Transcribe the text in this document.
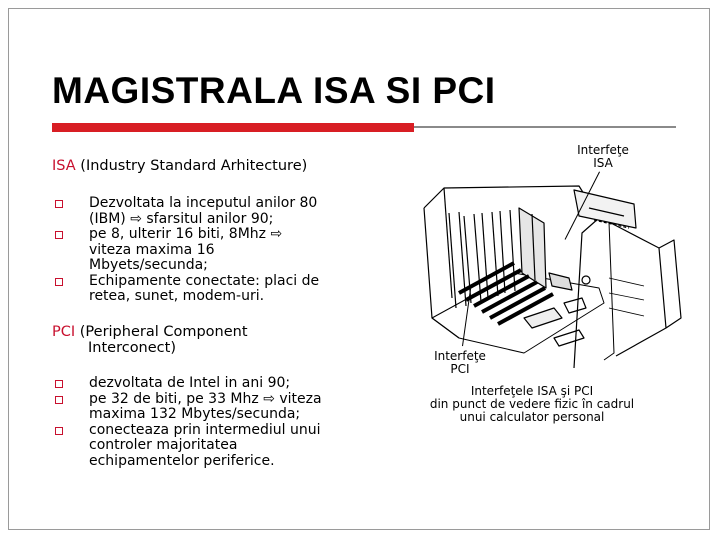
MAGISTRALA ISA SI PCI
ISA (Industry Standard Arhitecture)
Dezvoltata la inceputul anilor 80
(IBM) ⇨ sfarsitul anilor 90;
pe 8, ulterir 16 biti, 8Mhz ⇨
viteza maxima 16
Mbyets/secunda;
Echipamente conectate: placi de
retea, sunet, modem-uri.
PCI (Peripheral Component
Interconect)
dezvoltata de Intel in ani 90;
pe 32 de biti, pe 33 Mhz ⇨ viteza
maxima 132 Mbytes/secunda;
conecteaza prin intermediul unui
controler majoritatea
echipamentelor periferice.
Interfeţe
ISA
Interfeţe
PCI
Interfeţele ISA şi PCI
din punct de vedere fizic în cadrul
unui calculator personal
